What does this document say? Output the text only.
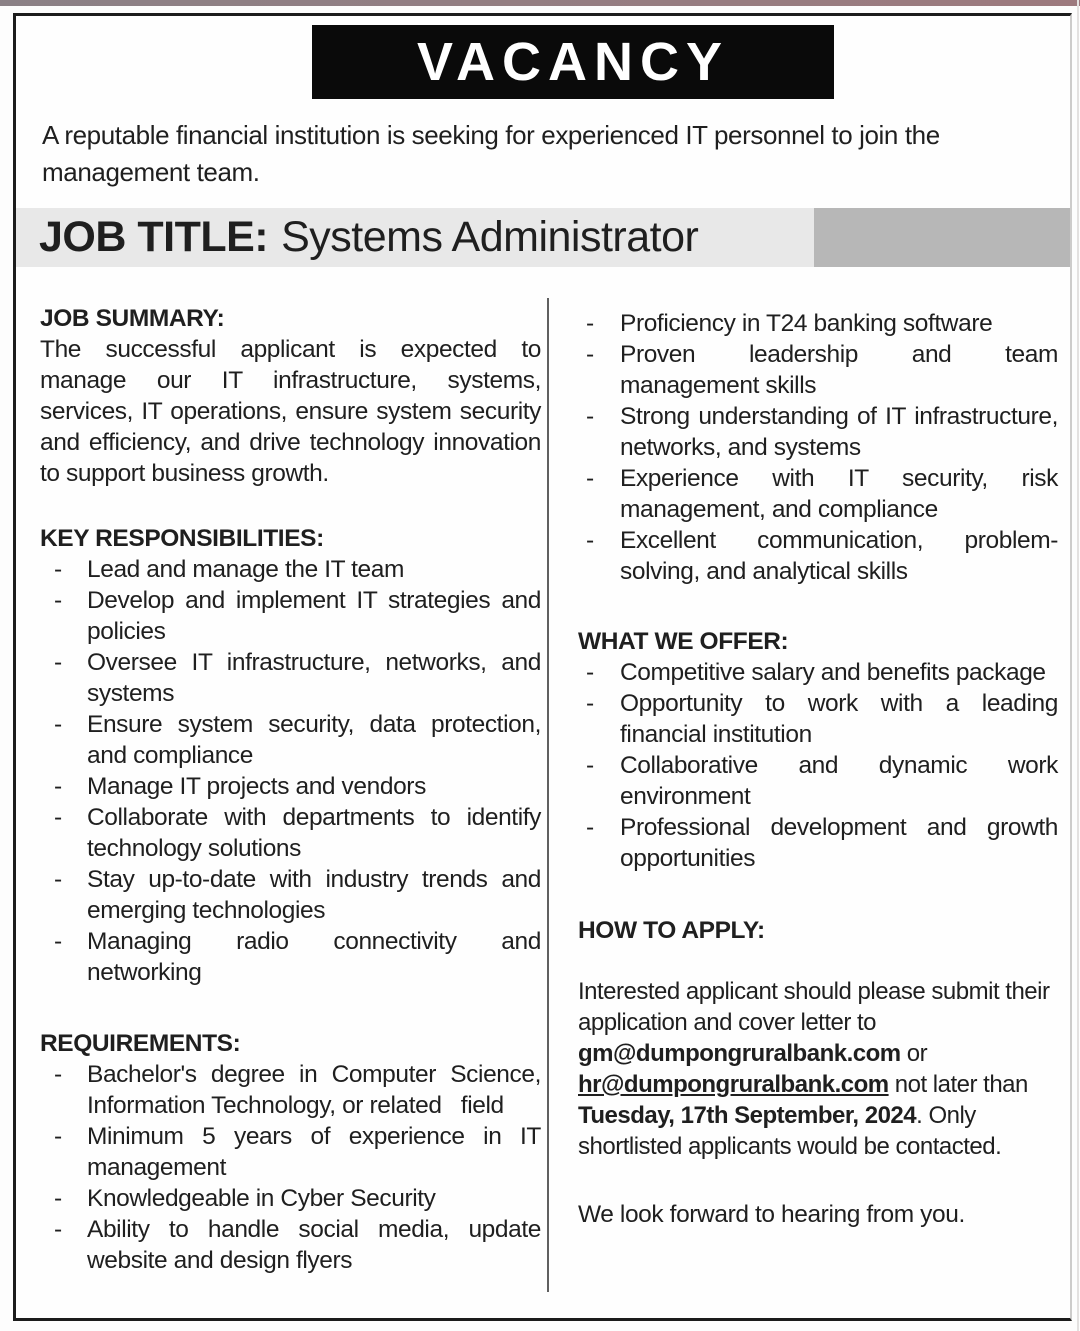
VACANCY

A reputable financial institution is seeking for experienced IT personnel to join the management team.

JOB TITLE: Systems Administrator
JOB SUMMARY:

The successful applicant is expected to manage our IT infrastructure, systems, services, IT operations, ensure system security and efficiency, and drive technology innovation to support business growth.

KEY RESPONSIBILITIES:
-	Lead and manage the IT team
-	Develop and implement IT strategies and policies
-	Oversee IT infrastructure, networks, and systems
-	Ensure system security, data protection, and compliance
-	Manage IT projects and vendors
-	Collaborate with departments to identify technology solutions
-	Stay up-to-date with industry trends and emerging technologies
-	Managing radio connectivity and networking
REQUIREMENTS:
-	Bachelor's degree in Computer Science, Information Technology, or related   field
-	Minimum 5 years of experience in IT management
-	Knowledgeable in Cyber Security
-	Ability to handle social media, update website and design flyers
-	Proficiency in T24 banking software
-	Proven leadership and team management skills
-	Strong understanding of IT infrastructure, networks, and systems
-	Experience with IT security, risk management, and compliance
-	Excellent communication, problem-solving, and analytical skills
WHAT WE OFFER:
-	Competitive salary and benefits package
-	Opportunity to work with a leading financial institution
-	Collaborative and dynamic work environment
-	Professional development and growth opportunities
HOW TO APPLY:

Interested applicant should please submit their application and cover letter to gm@dumpongruralbank.com or hr@dumpongruralbank.com not later than Tuesday, 17th September, 2024. Only shortlisted applicants would be contacted.

We look forward to hearing from you.
